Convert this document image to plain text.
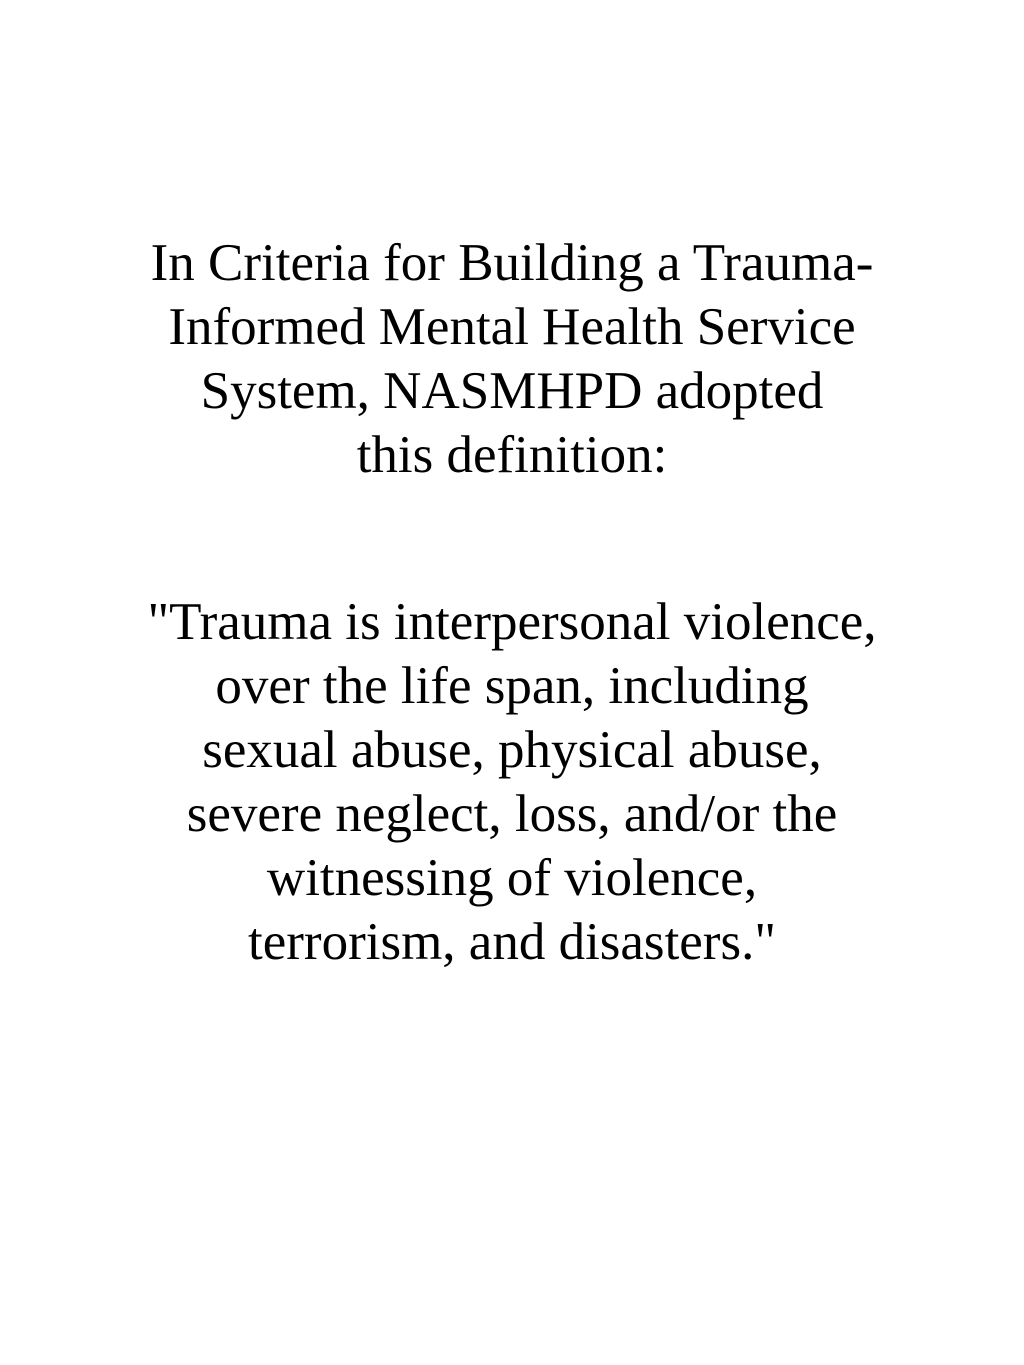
In Criteria for Building a Trauma-
Informed Mental Health Service
System, NASMHPD adopted
this definition:

"Trauma is interpersonal violence,
over the life span, including
sexual abuse, physical abuse,
severe neglect, loss, and/or the
witnessing of violence,
terrorism, and disasters."
